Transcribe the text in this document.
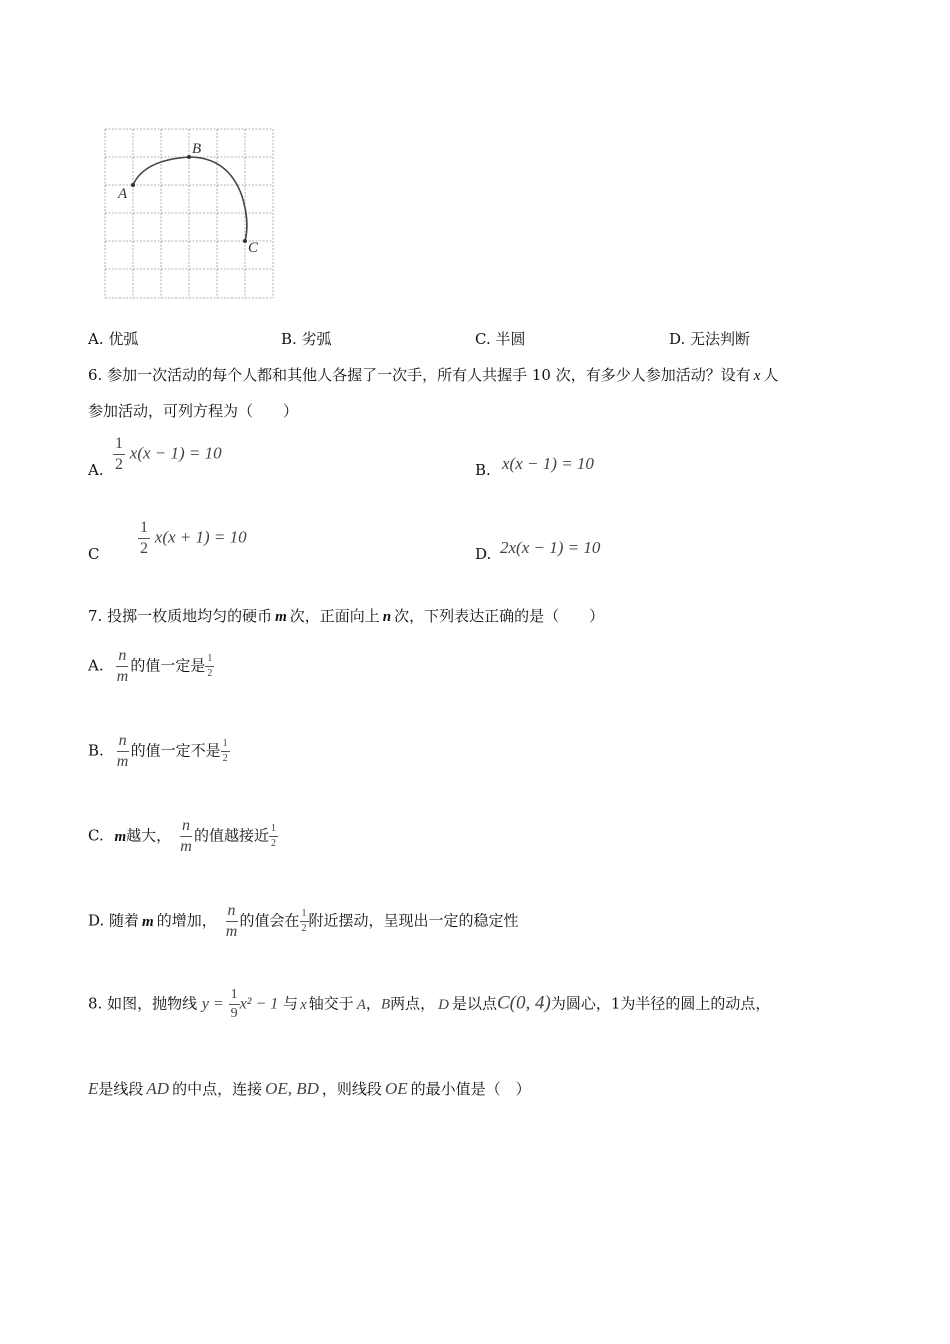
A
B
C
A. 优弧	B. 劣弧	C. 半圆	D. 无法判断
6. 参加一次活动的每个人都和其他人各握了一次手，所有人共握手 10 次，有多少人参加活动？设有 x 人
参加活动，可列方程为（　　）
A. $\frac{1}{2} x(x - 1) = 10$
B. x(x − 1) = 10
C $\frac{1}{2} x(x + 1) = 10$
D. 2x(x − 1) = 10
7. 投掷一枚质地均匀的硬币 m 次，正面向上 n 次，下列表达正确的是（　　）
A. $\frac{n}{m}$ 的值一定是 $\frac{1}{2}$
B. $\frac{n}{m}$ 的值一定不是 $\frac{1}{2}$
C. m越大， $\frac{n}{m}$ 的值越接近 $\frac{1}{2}$
D. 随着 m 的增加， $\frac{n}{m}$ 的值会在 $\frac{1}{2}$ 附近摆动，呈现出一定的稳定性
8. 如图，抛物线 $y = \frac{1}{9} x^2 - 1$ 与 x 轴交于 A，B两点， D 是以点C(0, 4)为圆心，1为半径的圆上的动点，
E是线段 AD 的中点，连接 OE, BD ，则线段 OE 的最小值是（　）
